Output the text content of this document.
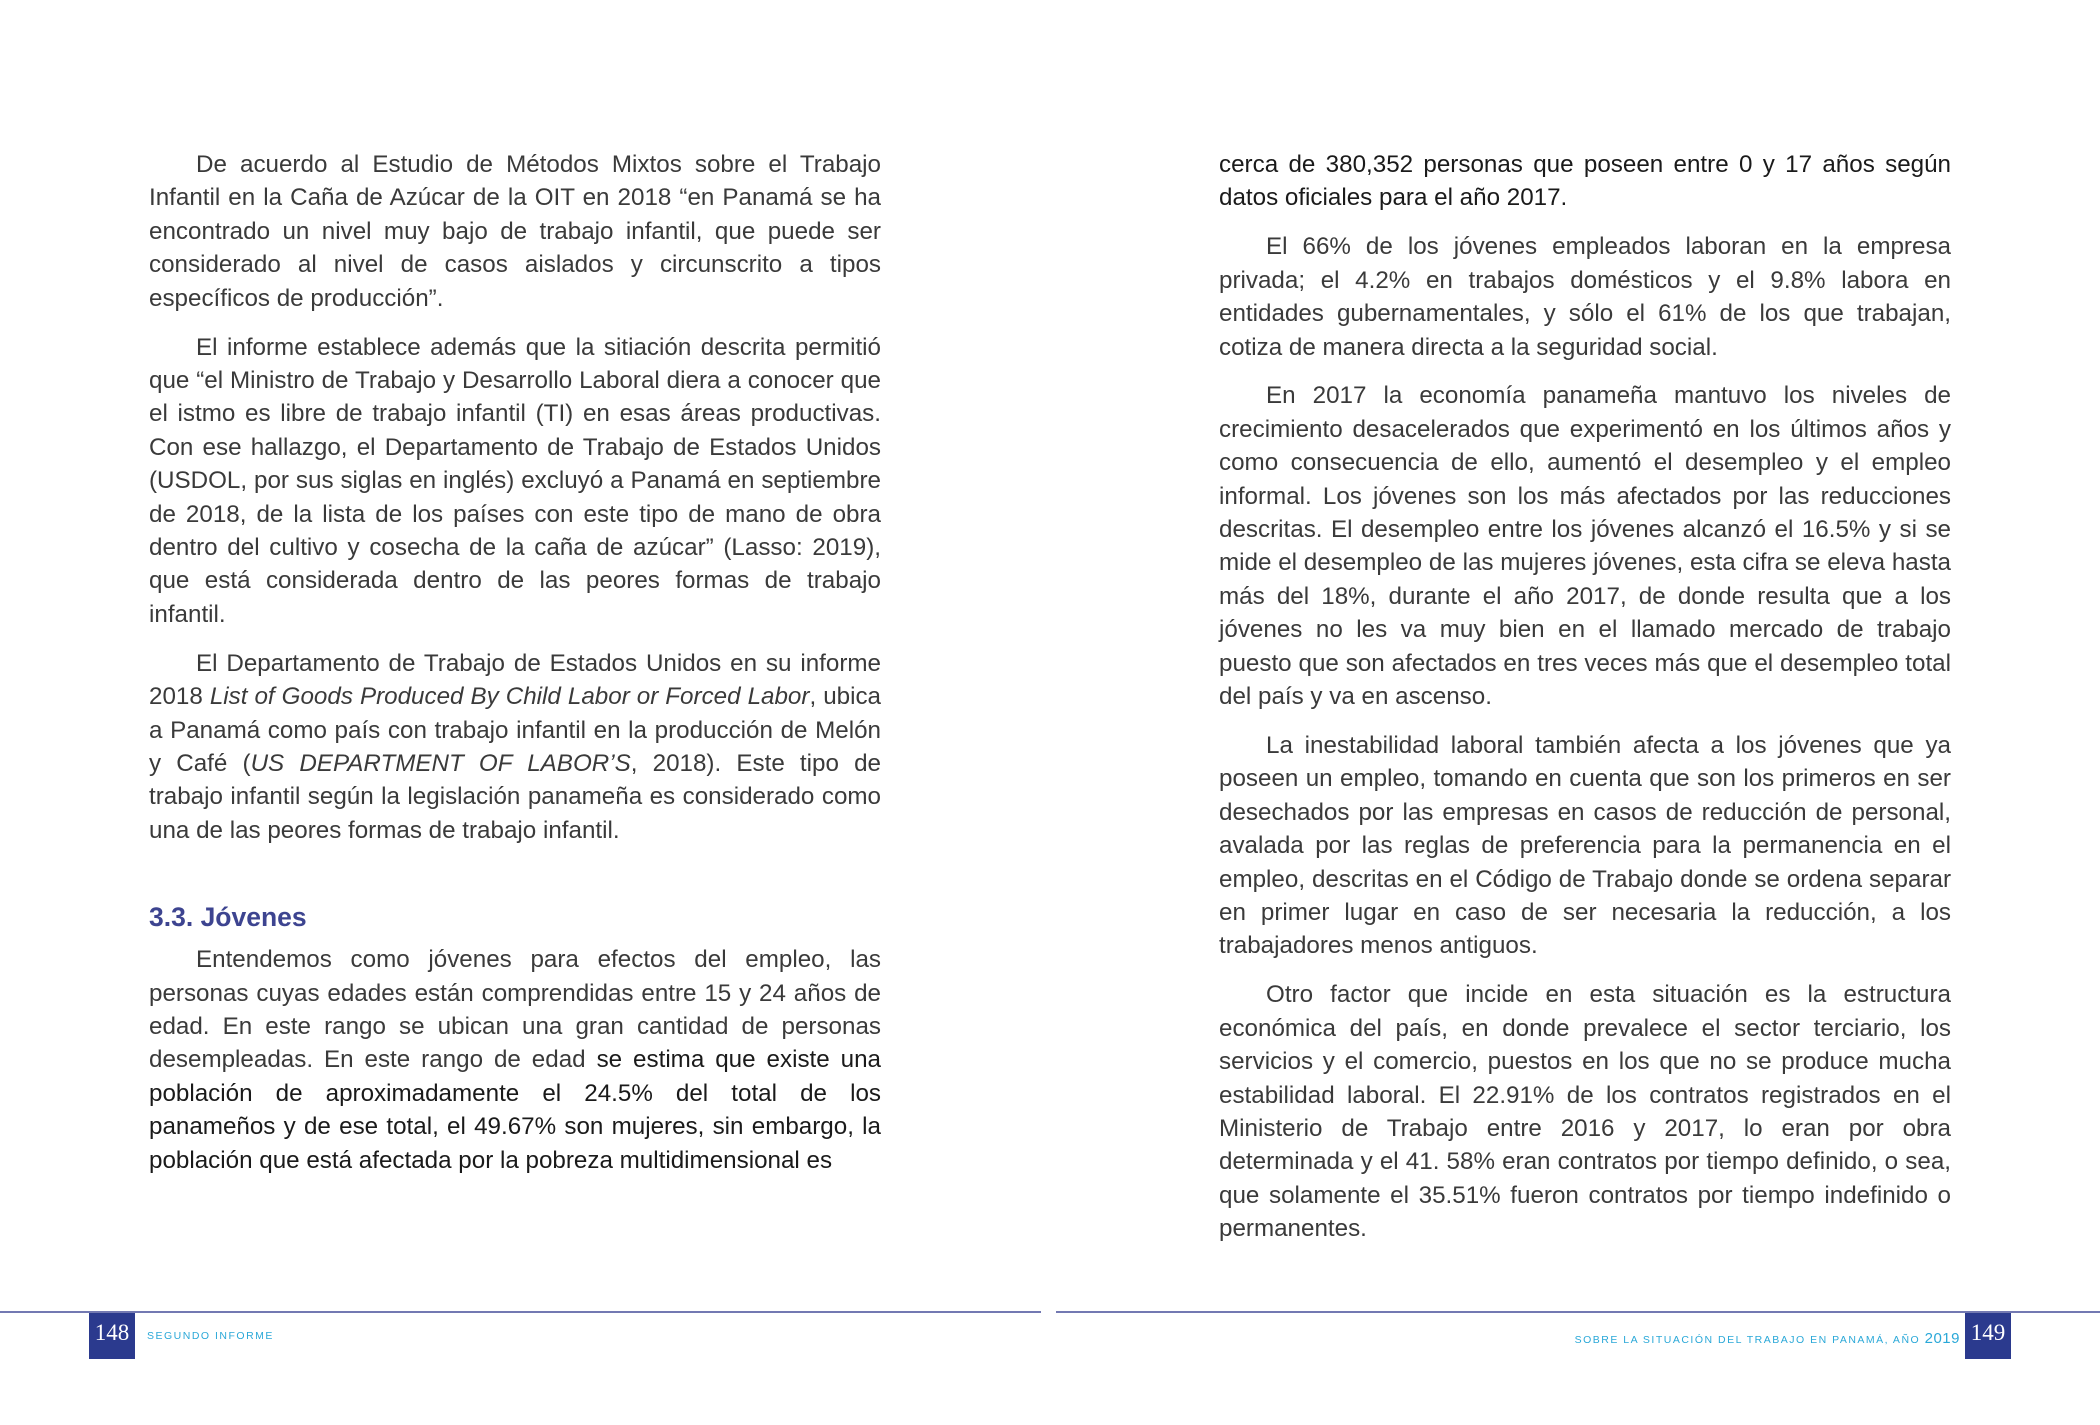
De acuerdo al Estudio de Métodos Mixtos sobre el Trabajo Infantil en la Caña de Azúcar de la OIT en 2018 “en Panamá se ha encontrado un nivel muy bajo de trabajo infantil, que puede ser considerado al nivel de casos aislados y circunscrito a tipos específicos de producción”.

El informe establece además que la sitiación descrita permitió que “el Ministro de Trabajo y Desarrollo Laboral diera a conocer que el istmo es libre de trabajo infantil (TI) en esas áreas productivas. Con ese hallazgo, el Departamento de Trabajo de Estados Unidos (USDOL, por sus siglas en inglés) excluyó a Panamá en septiembre de 2018, de la lista de los países con este tipo de mano de obra dentro del cultivo y cosecha de la caña de azúcar” (Lasso: 2019), que está considerada dentro de las peores formas de trabajo infantil.

El Departamento de Trabajo de Estados Unidos en su informe 2018 List of Goods Produced By Child Labor or Forced Labor, ubica a Panamá como país con trabajo infantil en la producción de Melón y Café (US DEPARTMENT OF LABOR’S, 2018). Este tipo de trabajo infantil según la legislación panameña es considerado como una de las peores formas de trabajo infantil.

3.3. Jóvenes

Entendemos como jóvenes para efectos del empleo, las personas cuyas edades están comprendidas entre 15 y 24 años de edad. En este rango se ubican una gran cantidad de personas desempleadas. En este rango de edad se estima que existe una población de aproximadamente el 24.5% del total de los panameños y de ese total, el 49.67% son mujeres, sin embargo, la población que está afectada por la pobreza multidimensional es

cerca de 380,352 personas que poseen entre 0 y 17 años según datos oficiales para el año 2017.

El 66% de los jóvenes empleados laboran en la empresa privada; el 4.2% en trabajos domésticos y el 9.8% labora en entidades gubernamentales, y sólo el 61% de los que trabajan, cotiza de manera directa a la seguridad social.

En 2017 la economía panameña mantuvo los niveles de crecimiento desacelerados que experimentó en los últimos años y como consecuencia de ello, aumentó el desempleo y el empleo informal. Los jóvenes son los más afectados por las reducciones descritas. El desempleo entre los jóvenes alcanzó el 16.5% y si se mide el desempleo de las mujeres jóvenes, esta cifra se eleva hasta más del 18%, durante el año 2017, de donde resulta que a los jóvenes no les va muy bien en el llamado mercado de trabajo puesto que son afectados en tres veces más que el desempleo total del país y va en ascenso.

La inestabilidad laboral también afecta a los jóvenes que ya poseen un empleo, tomando en cuenta que son los primeros en ser desechados por las empresas en casos de reducción de personal, avalada por las reglas de preferencia para la permanencia en el empleo, descritas en el Código de Trabajo donde se ordena separar en primer lugar en caso de ser necesaria la reducción, a los trabajadores menos antiguos.

Otro factor que incide en esta situación es la estructura económica del país, en donde prevalece el sector terciario, los servicios y el comercio, puestos en los que no se produce mucha estabilidad laboral. El 22.91% de los contratos registrados en el Ministerio de Trabajo entre 2016 y 2017, lo eran por obra determinada y el 41. 58% eran contratos por tiempo definido, o sea, que solamente el 35.51% fueron contratos por tiempo indefinido o permanentes.

148	SEGUNDO INFORME	SOBRE LA SITUACIÓN DEL TRABAJO EN PANAMÁ, AÑO 2019 149
